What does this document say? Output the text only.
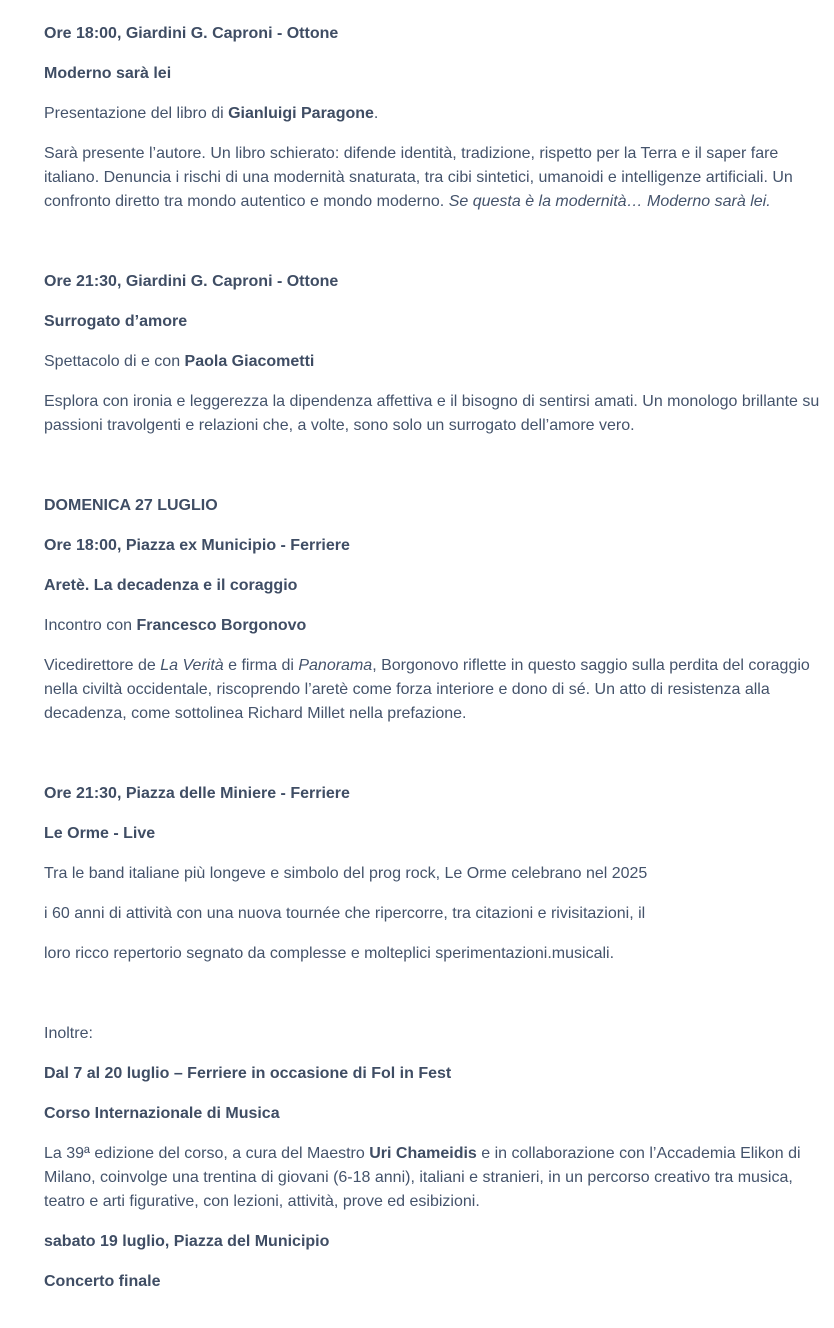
Ore 18:00, Giardini G. Caproni - Ottone

Moderno sarà lei

Presentazione del libro di Gianluigi Paragone.

Sarà presente l’autore. Un libro schierato: difende identità, tradizione, rispetto per la Terra e il saper fare italiano. Denuncia i rischi di una modernità snaturata, tra cibi sintetici, umanoidi e intelligenze artificiali. Un confronto diretto tra mondo autentico e mondo moderno. Se questa è la modernità… Moderno sarà lei.

Ore 21:30, Giardini G. Caproni - Ottone

Surrogato d’amore

Spettacolo di e con Paola Giacometti

Esplora con ironia e leggerezza la dipendenza affettiva e il bisogno di sentirsi amati. Un monologo brillante su passioni travolgenti e relazioni che, a volte, sono solo un surrogato dell’amore vero.

DOMENICA 27 LUGLIO

Ore 18:00, Piazza ex Municipio - Ferriere

Aretè. La decadenza e il coraggio

Incontro con Francesco Borgonovo

Vicedirettore de La Verità e firma di Panorama, Borgonovo riflette in questo saggio sulla perdita del coraggio nella civiltà occidentale, riscoprendo l’aretè come forza interiore e dono di sé. Un atto di resistenza alla decadenza, come sottolinea Richard Millet nella prefazione.

Ore 21:30, Piazza delle Miniere - Ferriere

Le Orme - Live

Tra le band italiane più longeve e simbolo del prog rock, Le Orme celebrano nel 2025

i 60 anni di attività con una nuova tournée che ripercorre, tra citazioni e rivisitazioni, il

loro ricco repertorio segnato da complesse e molteplici sperimentazioni.musicali.

Inoltre:

Dal 7 al 20 luglio – Ferriere in occasione di Fol in Fest

Corso Internazionale di Musica

La 39ª edizione del corso, a cura del Maestro Uri Chameidis e in collaborazione con l’Accademia Elikon di Milano, coinvolge una trentina di giovani (6-18 anni), italiani e stranieri, in un percorso creativo tra musica, teatro e arti figurative, con lezioni, attività, prove ed esibizioni.

sabato 19 luglio, Piazza del Municipio

Concerto finale
